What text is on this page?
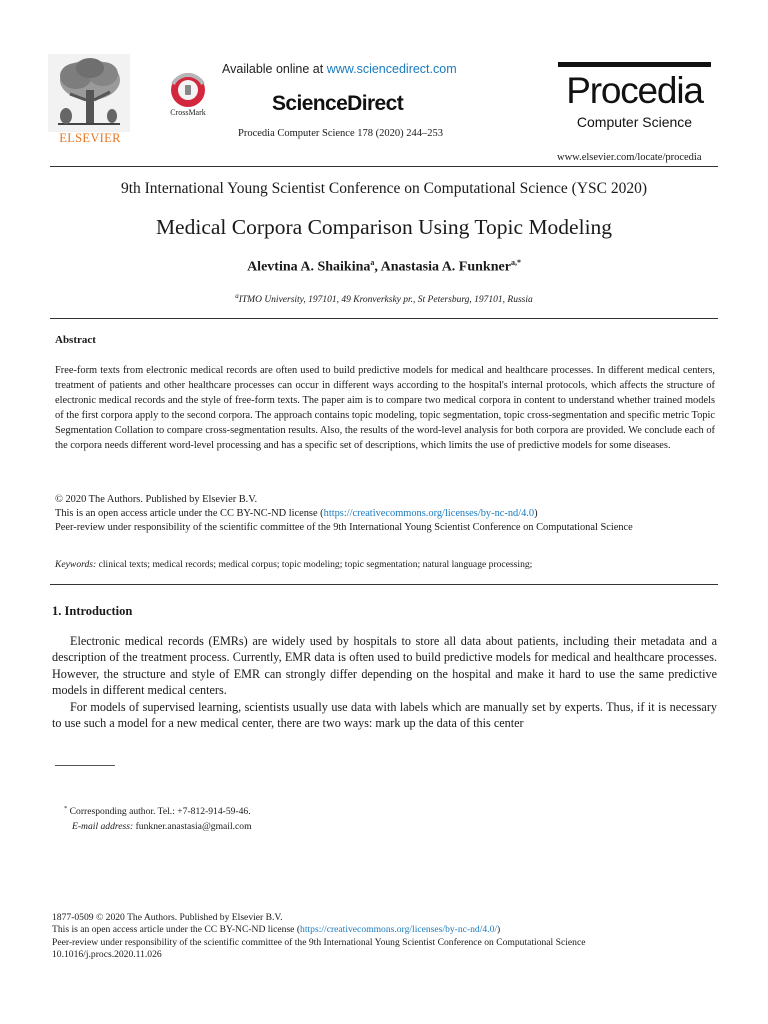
ELSEVIER
CrossMark
Available online at www.sciencedirect.com
ScienceDirect
Procedia Computer Science 178 (2020) 244–253
Procedia
Computer Science
www.elsevier.com/locate/procedia
9th International Young Scientist Conference on Computational Science (YSC 2020)
Medical Corpora Comparison Using Topic Modeling
Alevtina A. Shaikina$^a$, Anastasia A. Funkner$^{a,*}$
$^a$ITMO University, 197101, 49 Kronverksky pr., St Petersburg, 197101, Russia
Abstract
Free-form texts from electronic medical records are often used to build predictive models for medical and healthcare processes. In different medical centers, treatment of patients and other healthcare processes can occur in different ways according to the hospital's internal protocols, which affects the structure of electronic medical records and the style of free-form texts. The paper aim is to compare two medical corpora in content to understand whether trained models of the first corpora apply to the second corpora. The approach contains topic modeling, topic segmentation, topic cross-segmentation and specific metric Topic Segmentation Collation to compare cross-segmentation results. Also, the results of the word-level analysis for both corpora are provided. We conclude each of the corpora needs different word-level processing and has a specific set of descriptions, which limits the use of predictive models for some diseases.
© 2020 The Authors. Published by Elsevier B.V.
This is an open access article under the CC BY-NC-ND license (https://creativecommons.org/licenses/by-nc-nd/4.0)
Peer-review under responsibility of the scientific committee of the 9th International Young Scientist Conference on Computational Science
Keywords: clinical texts; medical records; medical corpus; topic modeling; topic segmentation; natural language processing;
1. Introduction

Electronic medical records (EMRs) are widely used by hospitals to store all data about patients, including their metadata and a description of the treatment process. Currently, EMR data is often used to build predictive models for medical and healthcare processes. However, the structure and style of EMR can strongly differ depending on the hospital and make it hard to use the same predictive models in different medical centers.

For models of supervised learning, scientists usually use data with labels which are manually set by experts. Thus, if it is necessary to use such a model for a new medical center, there are two ways: mark up the data of this center

* Corresponding author. Tel.: +7-812-914-59-46.
E-mail address: funkner.anastasia@gmail.com
1877-0509 © 2020 The Authors. Published by Elsevier B.V.
This is an open access article under the CC BY-NC-ND license (https://creativecommons.org/licenses/by-nc-nd/4.0/)
Peer-review under responsibility of the scientific committee of the 9th International Young Scientist Conference on Computational Science
10.1016/j.procs.2020.11.026
